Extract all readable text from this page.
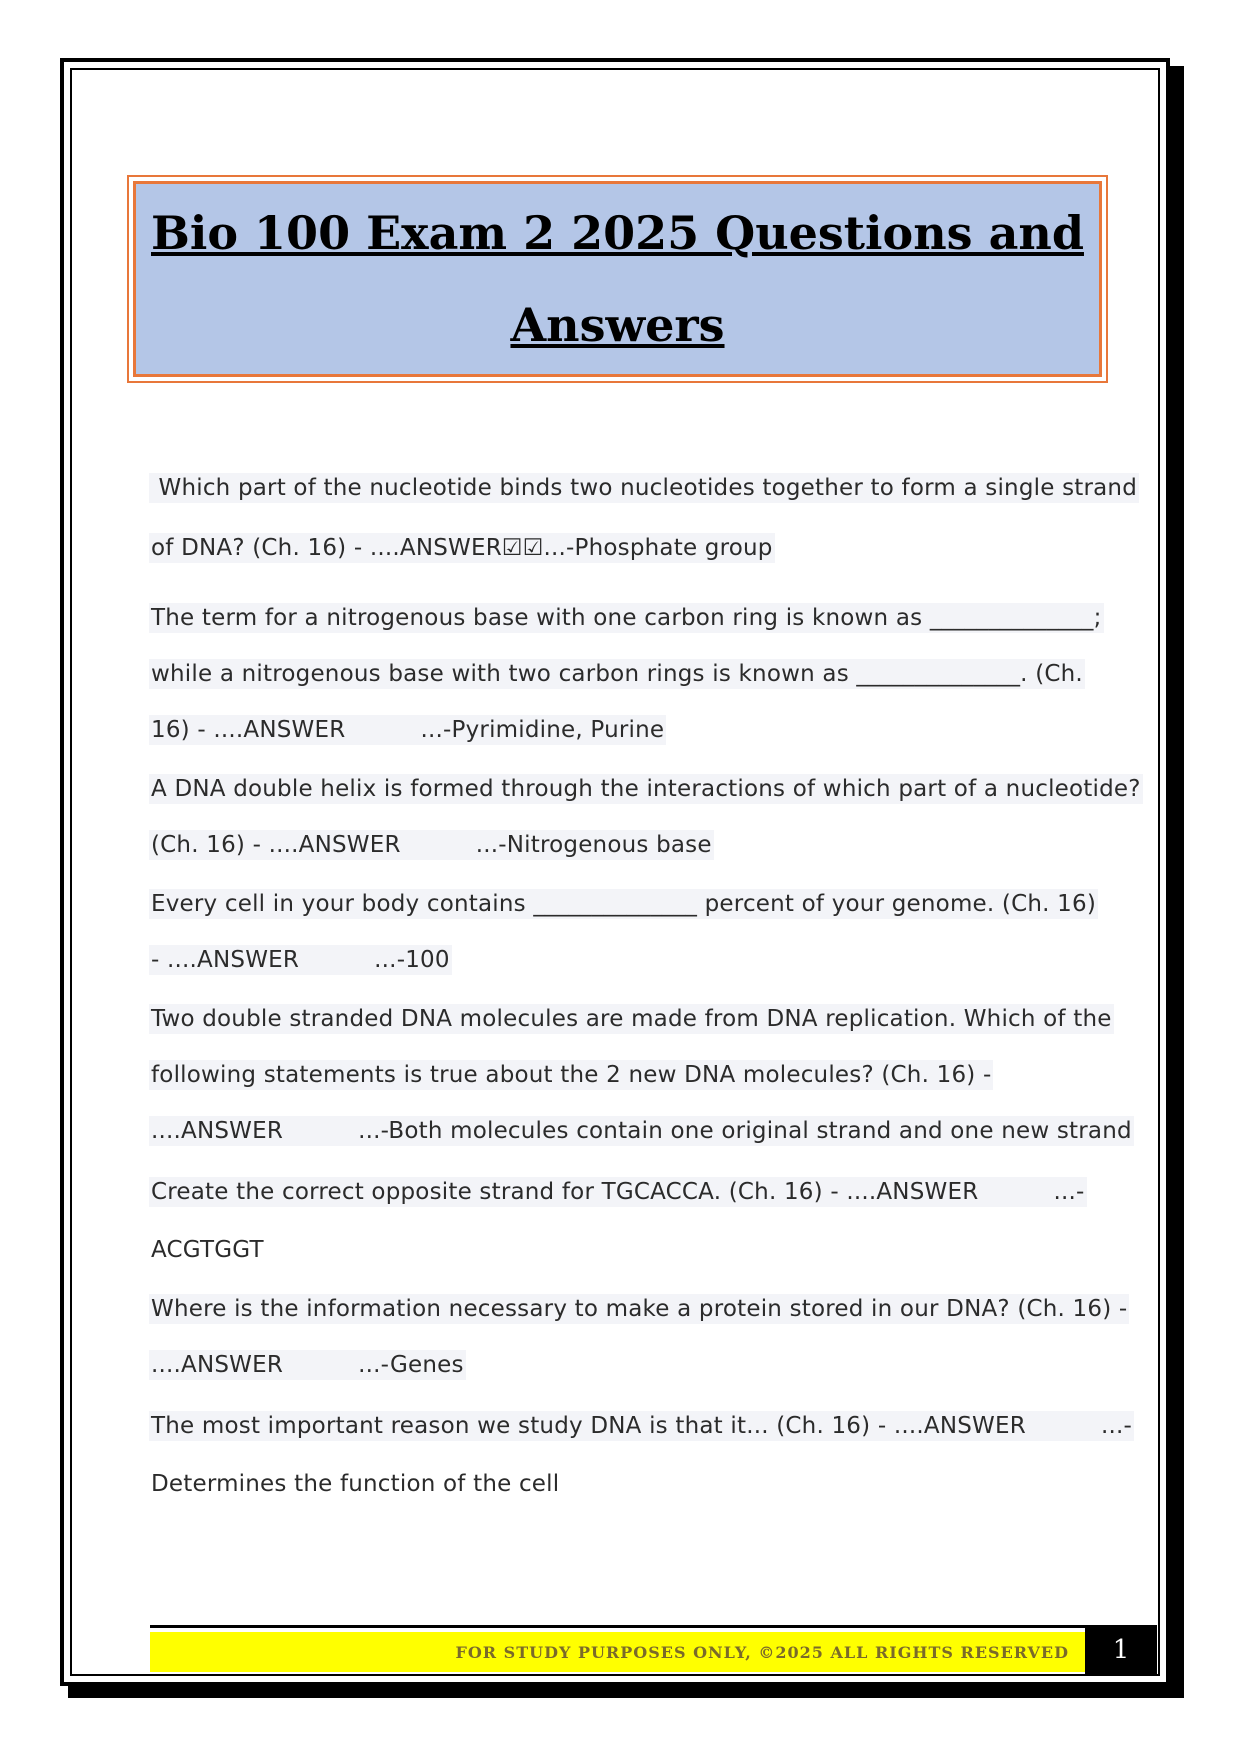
Bio 100 Exam 2 2025 Questions and
Answers
Which part of the nucleotide binds two nucleotides together to form a single strand
of DNA? (Ch. 16) - ....ANSWER☑☑...-Phosphate group
The term for a nitrogenous base with one carbon ring is known as ______________;
while a nitrogenous base with two carbon rings is known as ______________. (Ch.
16) - ....ANSWER          ...-Pyrimidine, Purine
A DNA double helix is formed through the interactions of which part of a nucleotide?
(Ch. 16) - ....ANSWER          ...-Nitrogenous base
Every cell in your body contains ______________ percent of your genome. (Ch. 16)
- ....ANSWER          ...-100
Two double stranded DNA molecules are made from DNA replication. Which of the
following statements is true about the 2 new DNA molecules? (Ch. 16) -
....ANSWER          ...-Both molecules contain one original strand and one new strand
Create the correct opposite strand for TGCACCA. (Ch. 16) - ....ANSWER          ...-
ACGTGGT
Where is the information necessary to make a protein stored in our DNA? (Ch. 16) -
....ANSWER          ...-Genes
The most important reason we study DNA is that it... (Ch. 16) - ....ANSWER          ...-
Determines the function of the cell
FOR STUDY PURPOSES ONLY, ©2025 ALL RIGHTS RESERVED 1
